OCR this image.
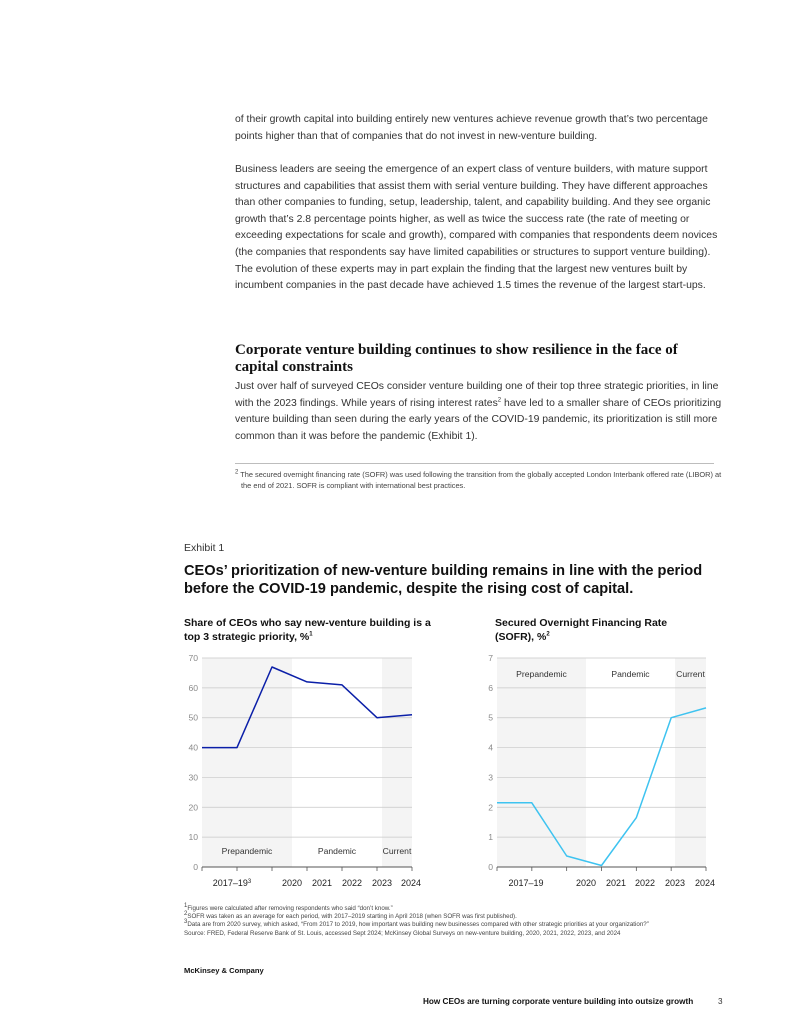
of their growth capital into building entirely new ventures achieve revenue growth that’s two percentage points higher than that of companies that do not invest in new-venture building.

Business leaders are seeing the emergence of an expert class of venture builders, with mature support structures and capabilities that assist them with serial venture building. They have different approaches than other companies to funding, setup, leadership, talent, and capability building. And they see organic growth that’s 2.8 percentage points higher, as well as twice the success rate (the rate of meeting or exceeding expectations for scale and growth), compared with companies that respondents deem novices (the companies that respondents say have limited capabilities or structures to support venture building). The evolution of these experts may in part explain the finding that the largest new ventures built by incumbent companies in the past decade have achieved 1.5 times the revenue of the largest start-ups.

Corporate venture building continues to show resilience in the face of capital constraints

Just over half of surveyed CEOs consider venture building one of their top three strategic priorities, in line with the 2023 findings. While years of rising interest rates$^2$ have led to a smaller share of CEOs prioritizing venture building than seen during the early years of the COVID-19 pandemic, its prioritization is still more common than it was before the pandemic (Exhibit 1).

$^2$ The secured overnight financing rate (SOFR) was used following the transition from the globally accepted London Interbank offered rate (LIBOR) at the end of 2021. SOFR is compliant with international best practices.

Exhibit 1
CEOs’ prioritization of new-venture building remains in line with the period before the COVID-19 pandemic, despite the rising cost of capital.

Share of CEOs who say new-venture building is a top 3 strategic priority, %$^1$

Secured Overnight Financing Rate (SOFR), %$^2$

0
10
20
30
40
50
60
70
$2017-19^3$	2020 2021 2022 2023 2024
Prepandemic	Pandemic	Current
0
1
2
3
4
5
6
7
2017–19	2020 2021 2022 2023 2024
Prepandemic	Pandemic	Current
$^1$Figures were calculated after removing respondents who said “don’t know.”
$^2$SOFR was taken as an average for each period, with 2017–2019 starting in April 2018 (when SOFR was first published).
$^3$Data are from 2020 survey, which asked, “From 2017 to 2019, how important was building new businesses compared with other strategic priorities at your organization?”
Source: FRED, Federal Reserve Bank of St. Louis, accessed Sept 2024; McKinsey Global Surveys on new-venture building, 2020, 2021, 2022, 2023, and 2024
McKinsey & Company
How CEOs are turning corporate venture building into outsize growth	3
